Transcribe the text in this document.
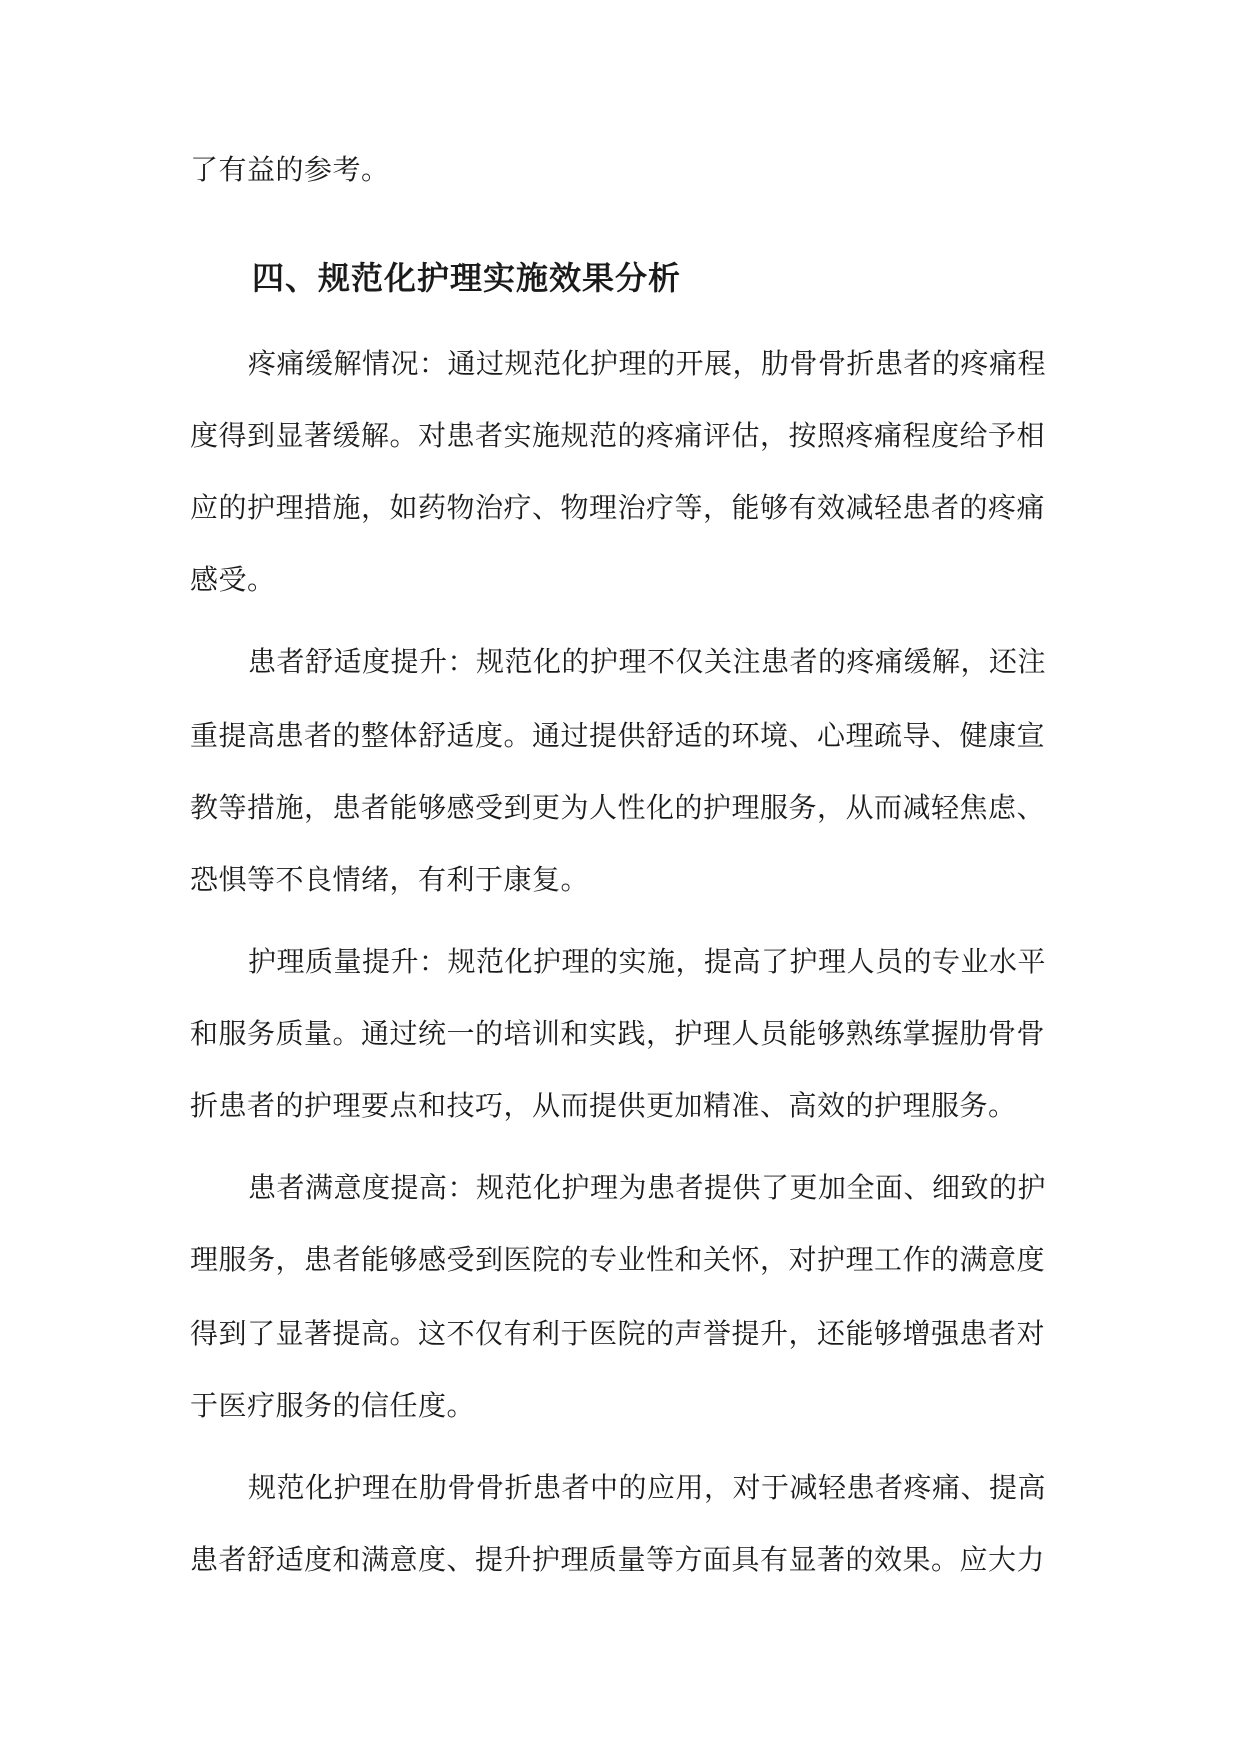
了有益的参考。
四、规范化护理实施效果分析
疼痛缓解情况：通过规范化护理的开展，肋骨骨折患者的疼痛程
度得到显著缓解。对患者实施规范的疼痛评估，按照疼痛程度给予相
应的护理措施，如药物治疗、物理治疗等，能够有效减轻患者的疼痛
感受。
患者舒适度提升：规范化的护理不仅关注患者的疼痛缓解，还注
重提高患者的整体舒适度。通过提供舒适的环境、心理疏导、健康宣
教等措施，患者能够感受到更为人性化的护理服务，从而减轻焦虑、
恐惧等不良情绪，有利于康复。
护理质量提升：规范化护理的实施，提高了护理人员的专业水平
和服务质量。通过统一的培训和实践，护理人员能够熟练掌握肋骨骨
折患者的护理要点和技巧，从而提供更加精准、高效的护理服务。
患者满意度提高：规范化护理为患者提供了更加全面、细致的护
理服务，患者能够感受到医院的专业性和关怀，对护理工作的满意度
得到了显著提高。这不仅有利于医院的声誉提升，还能够增强患者对
于医疗服务的信任度。
规范化护理在肋骨骨折患者中的应用，对于减轻患者疼痛、提高
患者舒适度和满意度、提升护理质量等方面具有显著的效果。应大力
